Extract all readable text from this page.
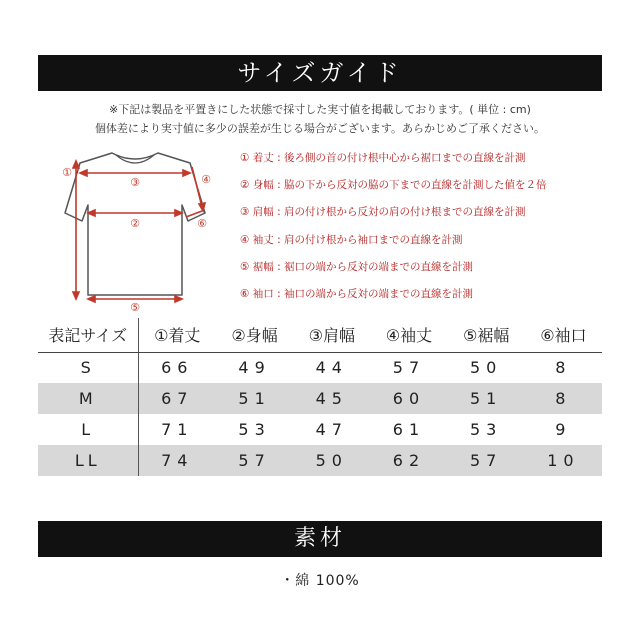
サイズガイド
※下記は製品を平置きにした状態で採寸した実寸値を掲載しております。( 単位 : cm)
個体差により実寸値に多少の誤差が生じる場合がございます。あらかじめご了承ください。
①
②
③	④
⑤
⑥
① 着丈 : 後ろ側の首の付け根中心から裾口までの直線を計測
② 身幅 : 脇の下から反対の脇の下までの直線を計測した値を２倍
③ 肩幅 : 肩の付け根から反対の肩の付け根までの直線を計測
④ 袖丈 : 肩の付け根から袖口までの直線を計測
⑤ 裾幅 : 裾口の端から反対の端までの直線を計測
⑥ 袖口 : 袖口の端から反対の端までの直線を計測
表記サイズ	①着丈	②身幅	③肩幅	④袖丈	⑤裾幅	⑥袖口
S	66	49	44	57	50	8
M	67	51	45	60	51	8
L	71	53	47	61	53	9
LL	74	57	50	62	57	10
素材
・綿 100%
